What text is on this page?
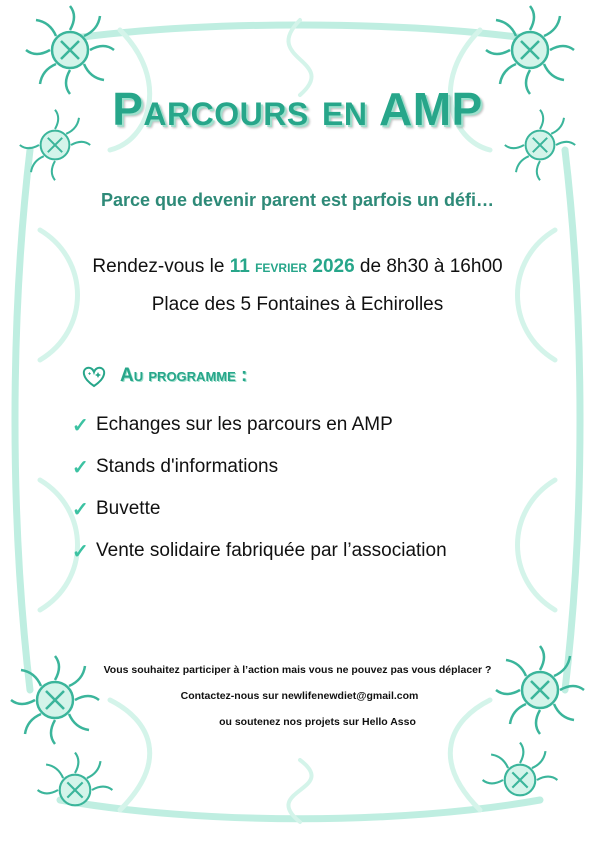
Parcours en AMP
Parce que devenir parent est parfois un défi…
Rendez-vous le 11 fevrier 2026 de 8h30 à 16h00
Place des 5 Fontaines à Echirolles
Au programme :
✓ Echanges sur les parcours en AMP
✓ Stands d'informations
✓ Buvette
✓ Vente solidaire fabriquée par l’association
Vous souhaitez participer à l’action mais vous ne pouvez pas vous déplacer ?
Contactez-nous sur newlifenewdiet@gmail.com
ou soutenez nos projets sur Hello Asso
